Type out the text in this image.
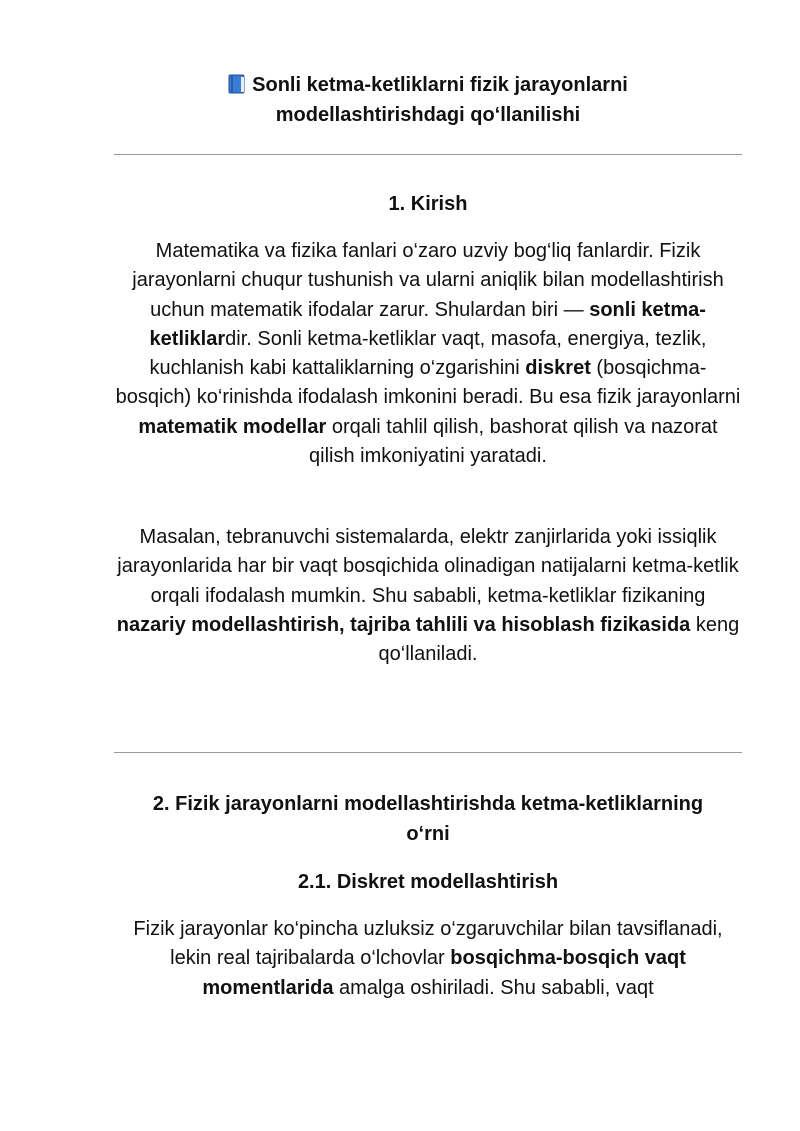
Sonli ketma-ketliklarni fizik jarayonlarni
modellashtirishdagi qo‘llanilishi
1. Kirish
Matematika va fizika fanlari o‘zaro uzviy bog‘liq fanlardir. Fizik jarayonlarni chuqur tushunish va ularni aniqlik bilan modellashtirish uchun matematik ifodalar zarur. Shulardan biri — sonli ketma-ketliklardir. Sonli ketma-ketliklar vaqt, masofa, energiya, tezlik, kuchlanish kabi kattaliklarning o‘zgarishini diskret (bosqichma-bosqich) ko‘rinishda ifodalash imkonini beradi. Bu esa fizik jarayonlarni matematik modellar orqali tahlil qilish, bashorat qilish va nazorat qilish imkoniyatini yaratadi.
Masalan, tebranuvchi sistemalarda, elektr zanjirlarida yoki issiqlik jarayonlarida har bir vaqt bosqichida olinadigan natijalarni ketma-ketlik orqali ifodalash mumkin. Shu sababli, ketma-ketliklar fizikaning nazariy modellashtirish, tajriba tahlili va hisoblash fizikasida keng qo‘llaniladi.
2. Fizik jarayonlarni modellashtirishda ketma-ketliklarning
o‘rni
2.1. Diskret modellashtirish
Fizik jarayonlar ko‘pincha uzluksiz o‘zgaruvchilar bilan tavsiflanadi, lekin real tajribalarda o‘lchovlar bosqichma-bosqich vaqt momentlarida amalga oshiriladi. Shu sababli, vaqt
